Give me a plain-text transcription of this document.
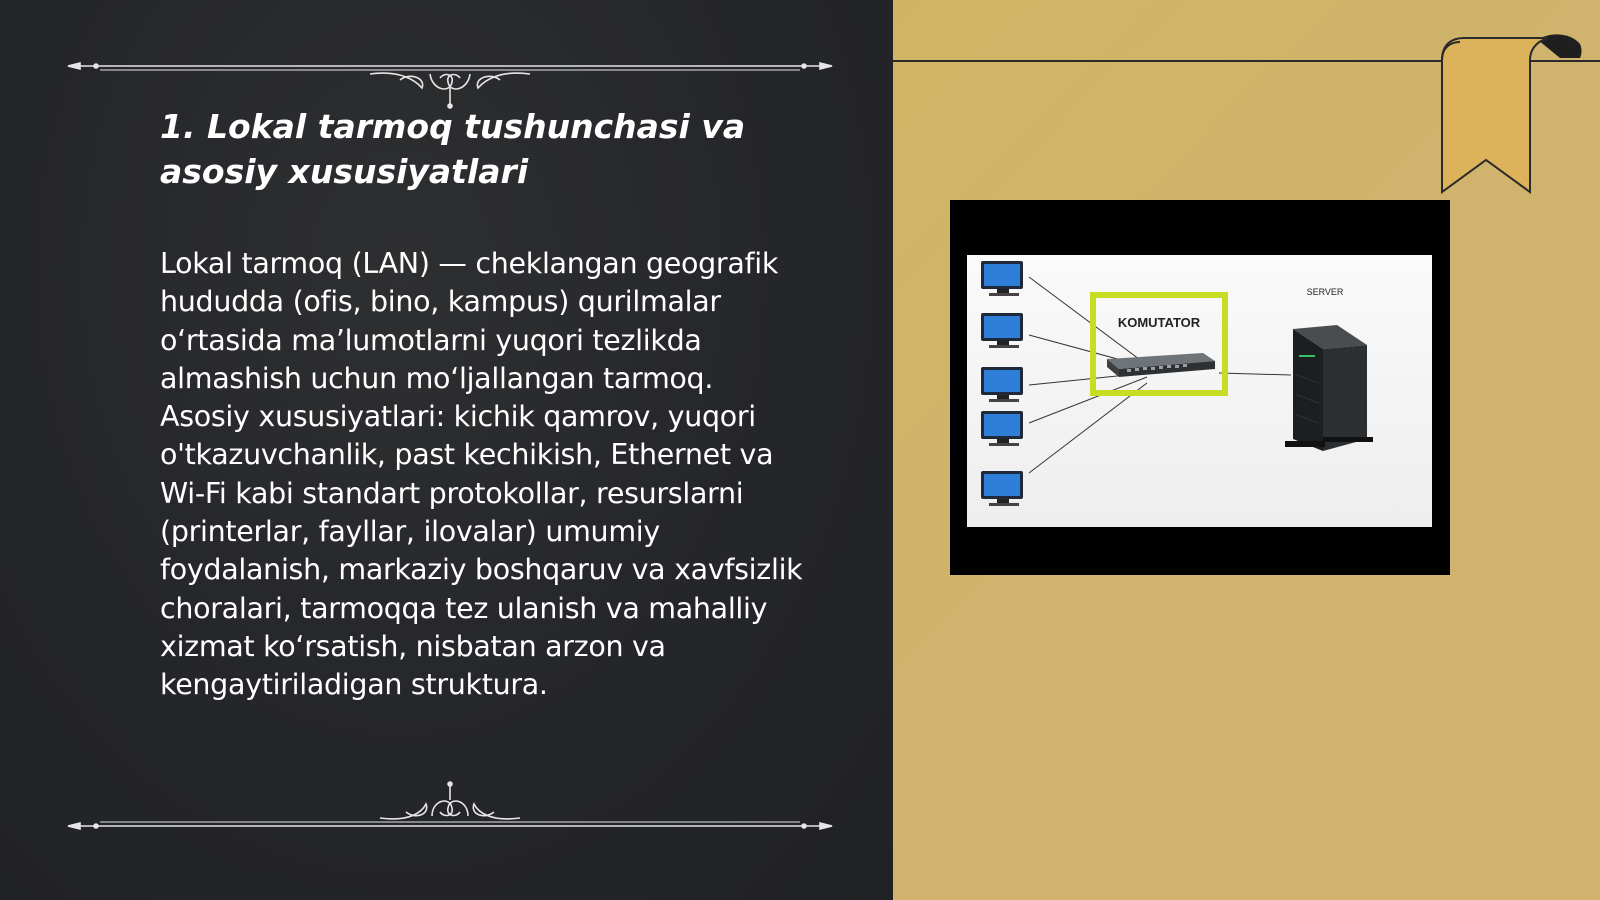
1. Lokal tarmoq tushunchasi va asosiy xususiyatlari

Lokal tarmoq (LAN) — cheklangan geografik
hududda (ofis, bino, kampus) qurilmalar
o‘rtasida ma’lumotlarni yuqori tezlikda
almashish uchun mo‘ljallangan tarmoq.
Asosiy xususiyatlari: kichik qamrov, yuqori
o'tkazuvchanlik, past kechikish, Ethernet va
Wi-Fi kabi standart protokollar, resurslarni
(printerlar, fayllar, ilovalar) umumiy
foydalanish, markaziy boshqaruv va xavfsizlik
choralari, tarmoqqa tez ulanish va mahalliy
xizmat ko‘rsatish, nisbatan arzon va
kengaytiriladigan struktura.

KOMUTATOR
SERVER
